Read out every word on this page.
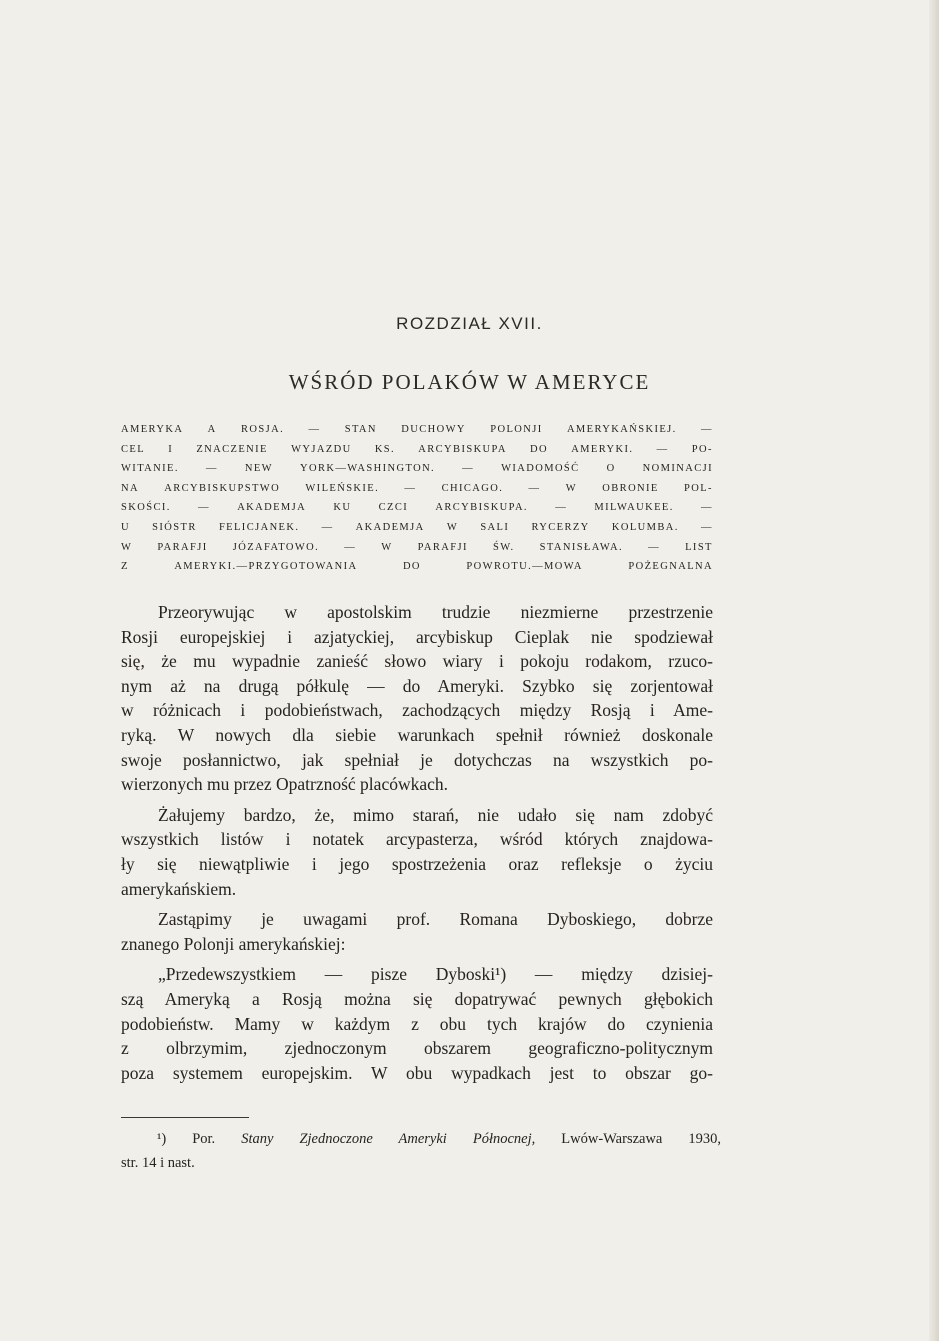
ROZDZIAŁ XVII.
WŚRÓD POLAKÓW W AMERYCE
AMERYKA A ROSJA. — STAN DUCHOWY POLONJI AMERYKAŃSKIEJ. —
CEL I ZNACZENIE WYJAZDU KS. ARCYBISKUPA DO AMERYKI. — PO-
WITANIE.	—	NEW	YORK—WASHINGTON.	—	WIADOMOŚĆ	O	NOMINACJI
NA ARCYBISKUPSTWO WILEŃSKIE. — CHICAGO. — W OBRONIE POL-
SKOŚCI.	—	AKADEMJA	KU	CZCI	ARCYBISKUPA.	—	MILWAUKEE.	—
U SIÓSTR FELICJANEK. — AKADEMJA W SALI RYCERZY KOLUMBA. —
W PARAFJI JÓZAFATOWO. — W PARAFJI ŚW. STANISŁAWA. — LIST
Z	AMERYKI.—PRZYGOTOWANIA	DO	POWROTU.—MOWA	POŻEGNALNA
Przeorywując w apostolskim trudzie niezmierne przestrzenie
Rosji europejskiej i azjatyckiej, arcybiskup Cieplak nie spodziewał
się, że mu wypadnie zanieść słowo wiary i pokoju rodakom, rzuco-
nym aż na drugą półkulę — do Ameryki. Szybko się zorjentował
w różnicach i podobieństwach, zachodzących między Rosją i Ame-
ryką. W nowych dla siebie warunkach spełnił również doskonale
swoje posłannictwo, jak spełniał je dotychczas na wszystkich po-
wierzonych mu przez Opatrzność placówkach.
Żałujemy bardzo, że, mimo starań, nie udało się nam zdobyć
wszystkich listów i notatek arcypasterza, wśród których znajdowa-
ły się niewątpliwie i jego spostrzeżenia oraz refleksje o życiu
amerykańskiem.
Zastąpimy je uwagami prof. Romana Dyboskiego, dobrze
znanego Polonji amerykańskiej:
„Przedewszystkiem — pisze Dyboski¹) — między dzisiej-
szą Ameryką a Rosją można się dopatrywać pewnych głębokich
podobieństw. Mamy w każdym z obu tych krajów do czynienia
z olbrzymim, zjednoczonym obszarem geograficzno-politycznym
poza systemem europejskim. W obu wypadkach jest to obszar go-
¹) Por. Stany Zjednoczone Ameryki Północnej, Lwów-Warszawa 1930,
str. 14 i nast.
